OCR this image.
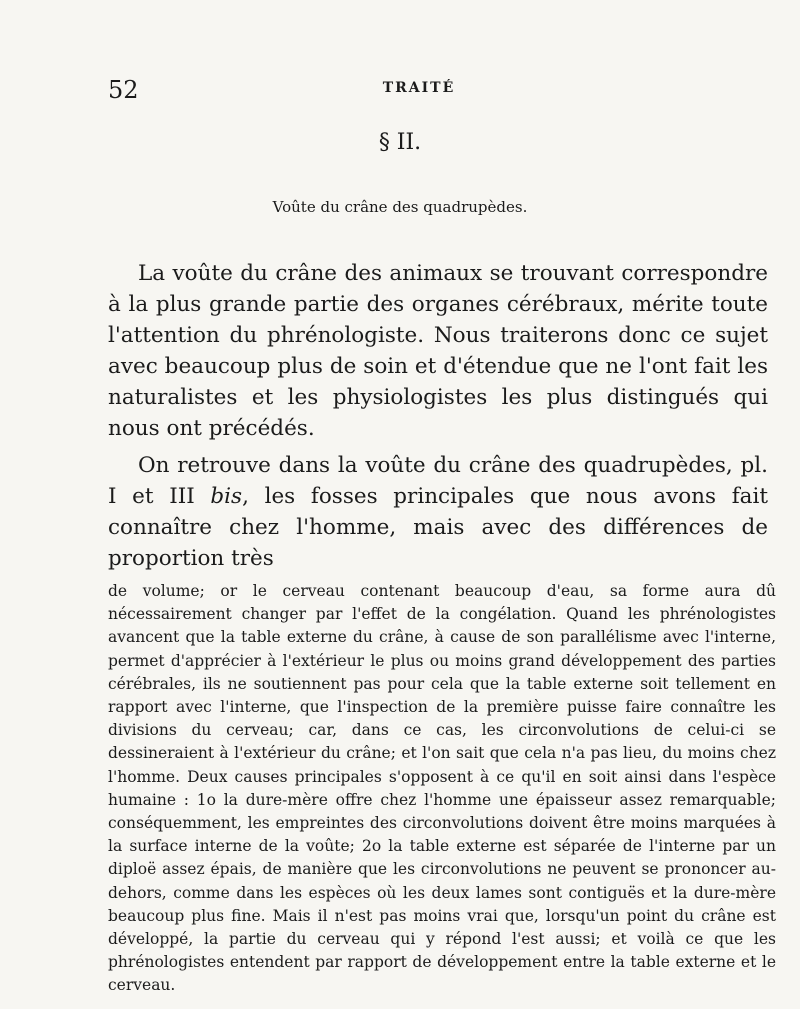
52	TRAITÉ
§ II.
Voûte du crâne des quadrupèdes.

La voûte du crâne des animaux se trouvant correspondre à la plus grande partie des organes cérébraux, mérite toute l'attention du phrénologiste. Nous traiterons donc ce sujet avec beaucoup plus de soin et d'étendue que ne l'ont fait les naturalistes et les physiologistes les plus distingués qui nous ont précédés.

On retrouve dans la voûte du crâne des quadrupèdes, pl. I et III bis, les fosses principales que nous avons fait connaître chez l'homme, mais avec des différences de proportion très

de volume; or le cerveau contenant beaucoup d'eau, sa forme aura dû nécessairement changer par l'effet de la congélation. Quand les phrénologistes avancent que la table externe du crâne, à cause de son parallélisme avec l'interne, permet d'apprécier à l'extérieur le plus ou moins grand développement des parties cérébrales, ils ne soutiennent pas pour cela que la table externe soit tellement en rapport avec l'interne, que l'inspection de la première puisse faire connaître les divisions du cerveau; car, dans ce cas, les circonvolutions de celui-ci se dessineraient à l'extérieur du crâne; et l'on sait que cela n'a pas lieu, du moins chez l'homme. Deux causes principales s'opposent à ce qu'il en soit ainsi dans l'espèce humaine : 1o la dure-mère offre chez l'homme une épaisseur assez remarquable; conséquemment, les empreintes des circonvolutions doivent être moins marquées à la surface interne de la voûte; 2o la table externe est séparée de l'interne par un diploë assez épais, de manière que les circonvolutions ne peuvent se prononcer au-dehors, comme dans les espèces où les deux lames sont contiguës et la dure-mère beaucoup plus fine. Mais il n'est pas moins vrai que, lorsqu'un point du crâne est développé, la partie du cerveau qui y répond l'est aussi; et voilà ce que les phrénologistes entendent par rapport de développement entre la table externe et le cerveau.
